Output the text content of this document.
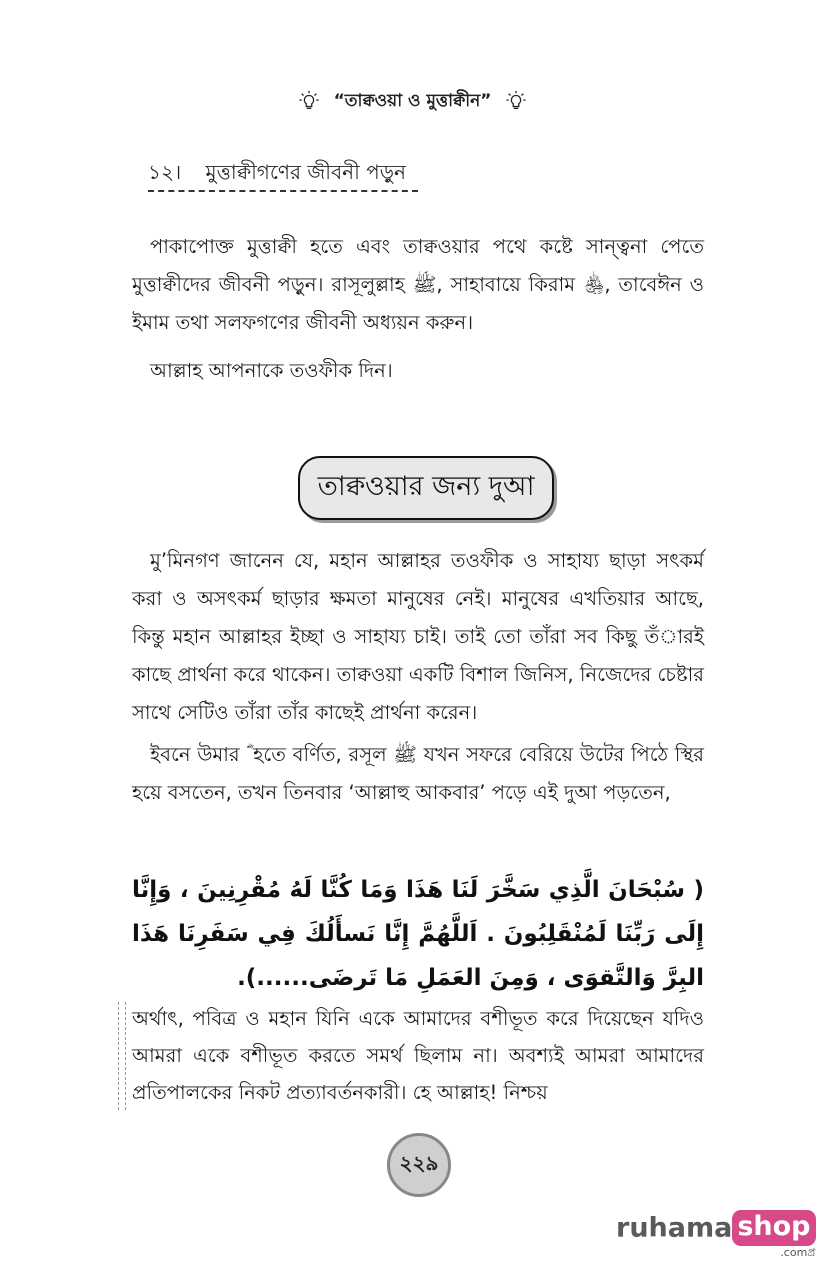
“তাক্বওয়া ও মুত্তাক্বীন”
১২। মুত্তাক্বীগণের জীবনী পড়ুন
পাকাপোক্ত মুত্তাক্বী হতে এবং তাক্বওয়ার পথে কষ্টে সান্ত্বনা পেতে মুত্তাক্বীদের জীবনী পড়ুন। রাসূলুল্লাহ ﷺ, সাহাবায়ে কিরাম ﵃, তাবেঈন ও ইমাম তথা সলফগণের জীবনী অধ্যয়ন করুন।
আল্লাহ আপনাকে তওফীক দিন।
তাক্বওয়ার জন্য দুআ
মু’মিনগণ জানেন যে, মহান আল্লাহর তওফীক ও সাহায্য ছাড়া সৎকর্ম করা ও অসৎকর্ম ছাড়ার ক্ষমতা মানুষের নেই। মানুষের এখতিয়ার আছে, কিন্তু মহান আল্লাহর ইচ্ছা ও সাহায্য চাই। তাই তো তাঁরা সব কিছু তঁারই কাছে প্রার্থনা করে থাকেন। তাক্বওয়া একটি বিশাল জিনিস, নিজেদের চেষ্টার সাথে সেটিও তাঁরা তাঁর কাছেই প্রার্থনা করেন।
ইবনে উমার ؓ হতে বর্ণিত, রসূল ﷺ যখন সফরে বেরিয়ে উটের পিঠে স্থির হয়ে বসতেন, তখন তিনবার ‘আল্লাহু আকবার’ পড়ে এই দুআ পড়তেন,
( سُبْحَانَ الَّذِي سَخَّرَ لَنَا هَذَا وَمَا كُنَّا لَهُ مُقْرِنِينَ ، وَإِنَّا إِلَى رَبِّنَا لَمُنْقَلِبُونَ . اَللَّهُمَّ إِنَّا نَسأَلُكَ فِي سَفَرِنَا هَذَا البِرَّ وَالتَّقوَى ، وَمِنَ العَمَلِ مَا تَرضَى......).
অর্থাৎ, পবিত্র ও মহান যিনি একে আমাদের বশীভূত করে দিয়েছেন যদিও আমরা একে বশীভূত করতে সমর্থ ছিলাম না। অবশ্যই আমরা আমাদের প্রতিপালকের নিকট প্রত্যাবর্তনকারী। হে আল্লাহ! নিশ্চয়
২২৯
ruhama shop
.comপ্র
